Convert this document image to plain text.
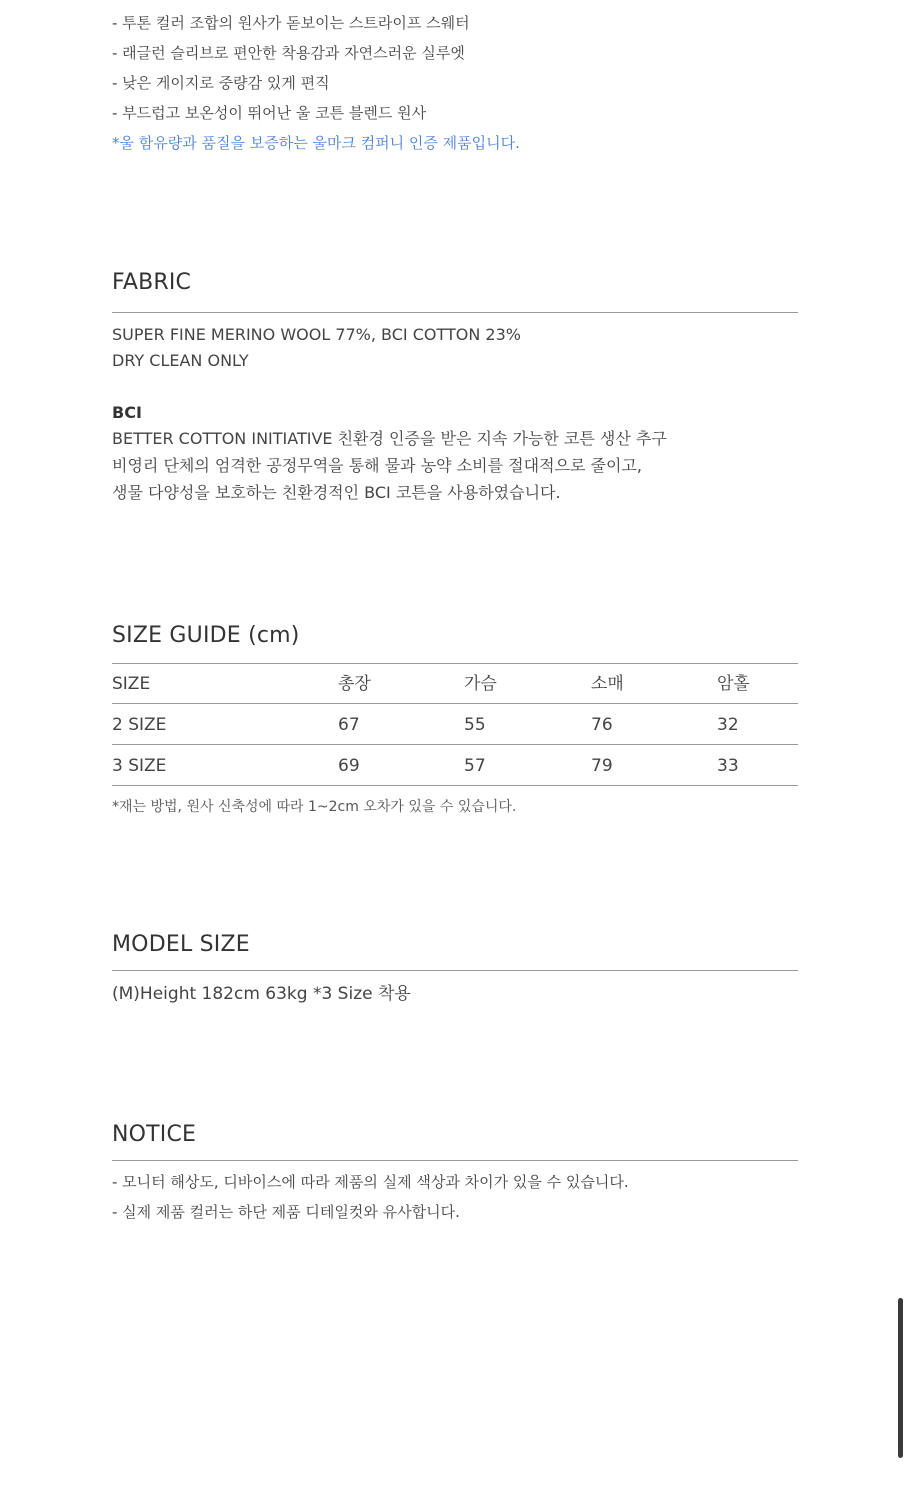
- 투톤 컬러 조합의 원사가 돋보이는 스트라이프 스웨터
- 래글런 슬리브로 편안한 착용감과 자연스러운 실루엣
- 낮은 게이지로 중량감 있게 편직
- 부드럽고 보온성이 뛰어난 울 코튼 블렌드 원사
*울 함유량과 품질을 보증하는 울마크 컴퍼니 인증 제품입니다.
FABRIC
SUPER FINE MERINO WOOL 77%, BCI COTTON 23%
DRY CLEAN ONLY
BCI
BETTER COTTON INITIATIVE 친환경 인증을 받은 지속 가능한 코튼 생산 추구
비영리 단체의 엄격한 공정무역을 통해 물과 농약 소비를 절대적으로 줄이고,
생물 다양성을 보호하는 친환경적인 BCI 코튼을 사용하였습니다.
SIZE GUIDE (cm)
SIZE	총장	가슴	소매	암홀
2 SIZE	67	55	76	32
3 SIZE	69	57	79	33
*재는 방법, 원사 신축성에 따라 1~2cm 오차가 있을 수 있습니다.
MODEL SIZE
(M)Height 182cm 63kg *3 Size 착용
NOTICE
- 모니터 해상도, 디바이스에 따라 제품의 실제 색상과 차이가 있을 수 있습니다.
- 실제 제품 컬러는 하단 제품 디테일컷와 유사합니다.
